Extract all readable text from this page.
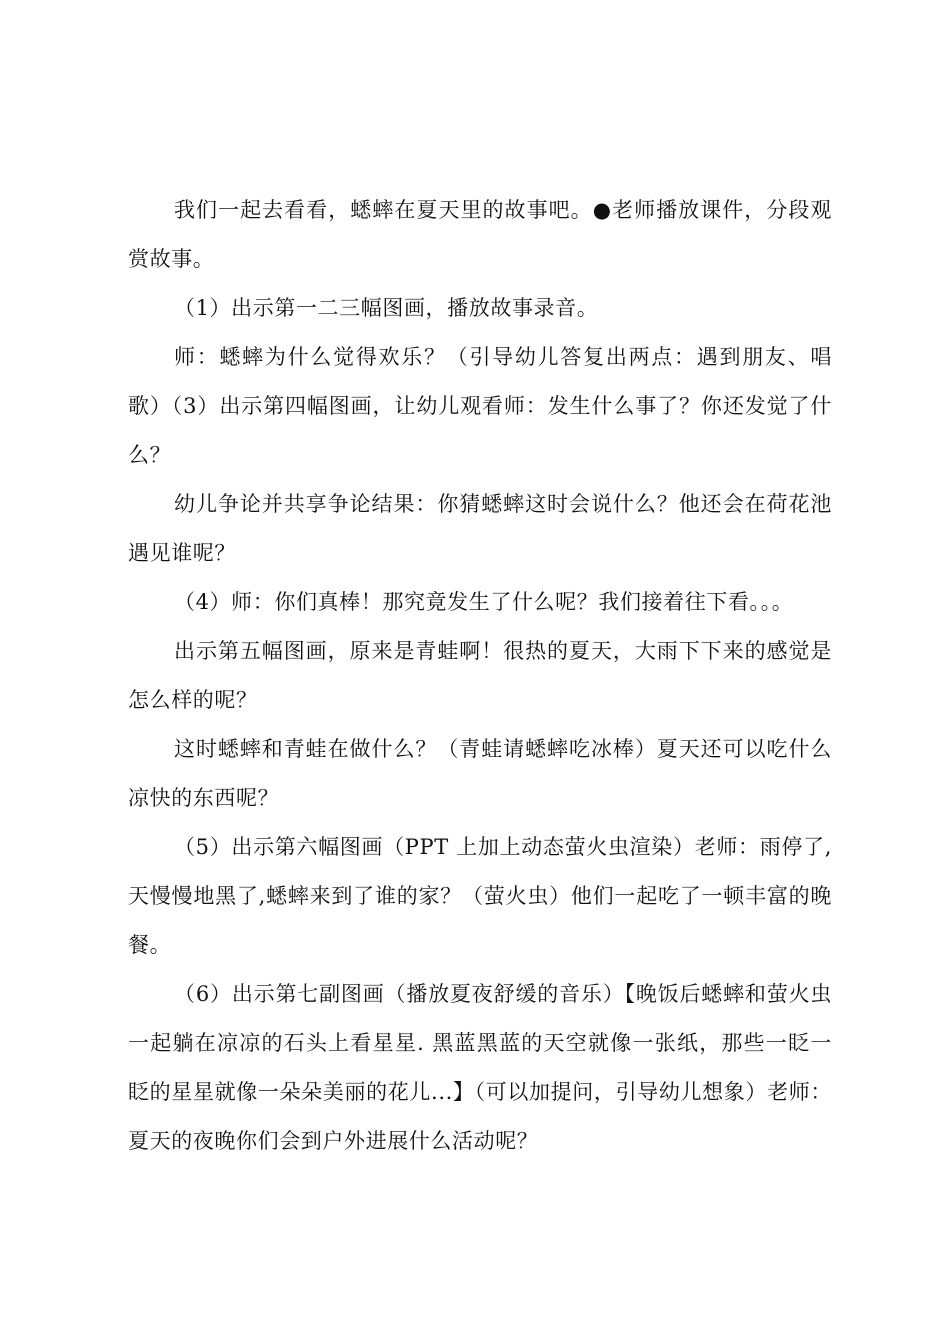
我们一起去看看，蟋蟀在夏天里的故事吧。●老师播放课件，分段观赏故事。

（1）出示第一二三幅图画，播放故事录音。

师：蟋蟀为什么觉得欢乐？（引导幼儿答复出两点：遇到朋友、唱歌）（3）出示第四幅图画，让幼儿观看师：发生什么事了？你还发觉了什么？

幼儿争论并共享争论结果：你猜蟋蟀这时会说什么？他还会在荷花池遇见谁呢？

（4）师：你们真棒！那究竟发生了什么呢？我们接着往下看。。。

出示第五幅图画，原来是青蛙啊！很热的夏天，大雨下下来的感觉是怎么样的呢？

这时蟋蟀和青蛙在做什么？（青蛙请蟋蟀吃冰棒）夏天还可以吃什么凉快的东西呢？

（5）出示第六幅图画（PPT 上加上动态萤火虫渲染）老师：雨停了,天慢慢地黑了,蟋蟀来到了谁的家？（萤火虫）他们一起吃了一顿丰富的晚餐。

（6）出示第七副图画（播放夏夜舒缓的音乐）【晚饭后蟋蟀和萤火虫一起躺在凉凉的石头上看星星. 黑蓝黑蓝的天空就像一张纸，那些一眨一眨的星星就像一朵朵美丽的花儿...】（可以加提问，引导幼儿想象）老师：夏天的夜晚你们会到户外进展什么活动呢？
